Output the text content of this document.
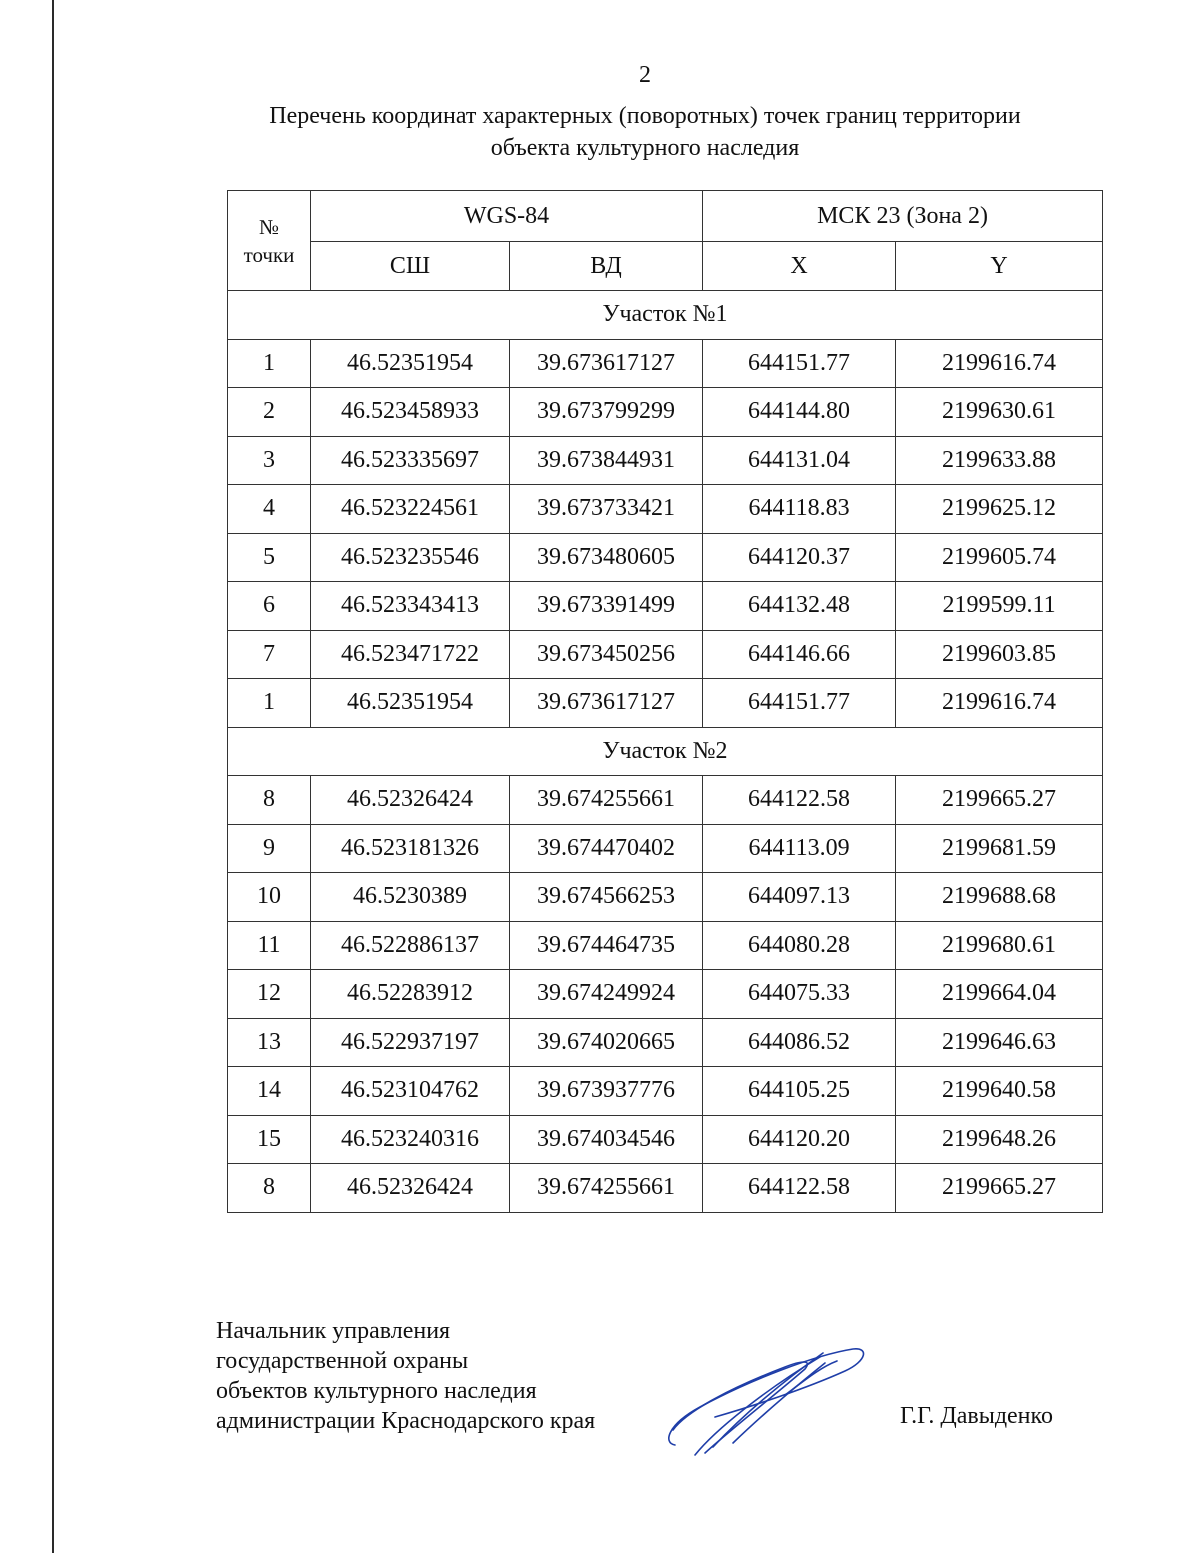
2
Перечень координат характерных (поворотных) точек границ территории
объекта культурного наследия
№
точки	WGS-84		МСК 23 (Зона 2)	
	СШ	ВД	X	Y
Участок №1				
1	46.52351954	39.673617127	644151.77	2199616.74
2	46.523458933	39.673799299	644144.80	2199630.61
3	46.523335697	39.673844931	644131.04	2199633.88
4	46.523224561	39.673733421	644118.83	2199625.12
5	46.523235546	39.673480605	644120.37	2199605.74
6	46.523343413	39.673391499	644132.48	2199599.11
7	46.523471722	39.673450256	644146.66	2199603.85
1	46.52351954	39.673617127	644151.77	2199616.74
Участок №2				
8	46.52326424	39.674255661	644122.58	2199665.27
9	46.523181326	39.674470402	644113.09	2199681.59
10	46.5230389	39.674566253	644097.13	2199688.68
11	46.522886137	39.674464735	644080.28	2199680.61
12	46.52283912	39.674249924	644075.33	2199664.04
13	46.522937197	39.674020665	644086.52	2199646.63
14	46.523104762	39.673937776	644105.25	2199640.58
15	46.523240316	39.674034546	644120.20	2199648.26
8	46.52326424	39.674255661	644122.58	2199665.27
Начальник управления
государственной охраны
объектов культурного наследия
администрации Краснодарского края	Г.Г. Давыденко
